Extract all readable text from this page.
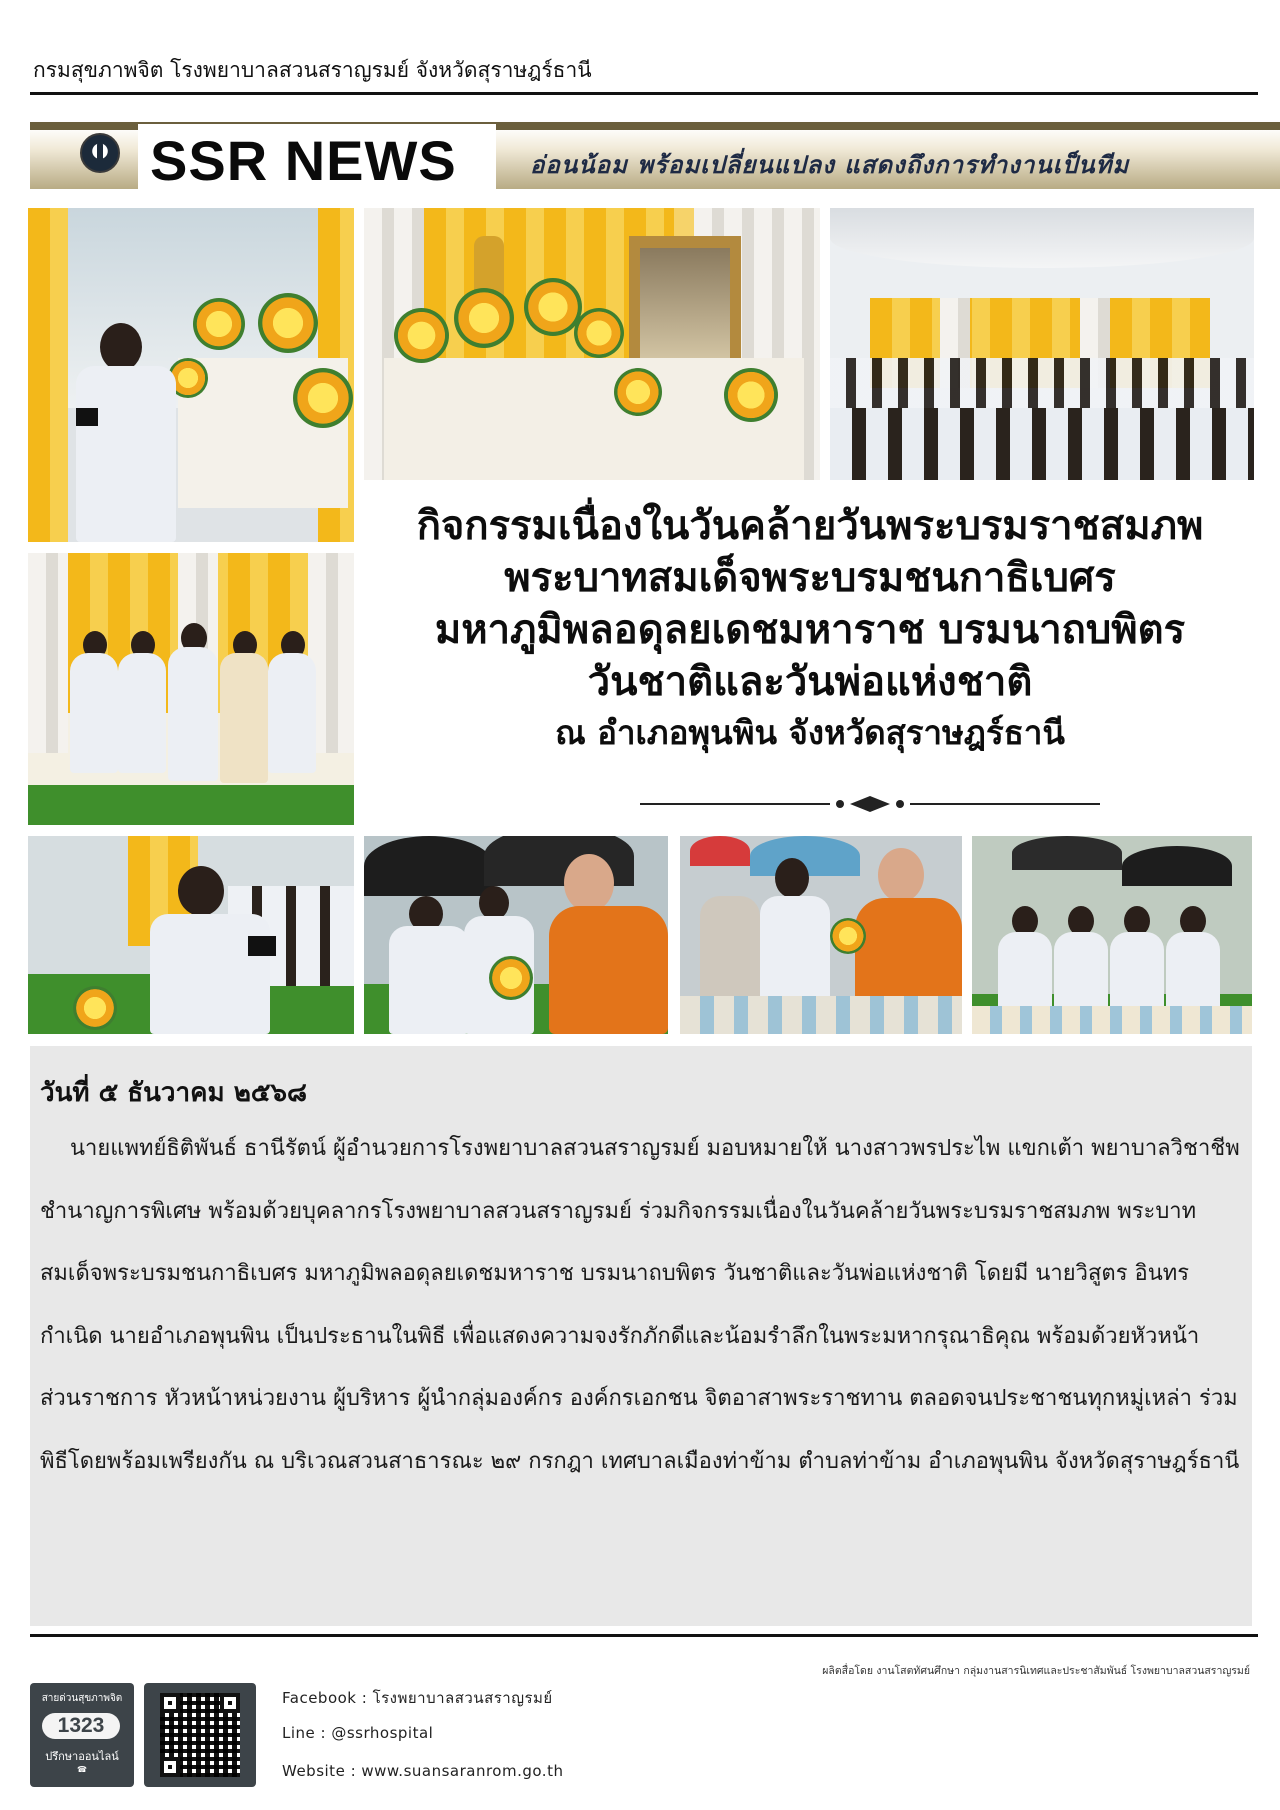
กรมสุขภาพจิต โรงพยาบาลสวนสราญรมย์ จังหวัดสุราษฎร์ธานี
SSR NEWS	อ่อนน้อม พร้อมเปลี่ยนแปลง แสดงถึงการทำงานเป็นทีม
กิจกรรมเนื่องในวันคล้ายวันพระบรมราชสมภพ
พระบาทสมเด็จพระบรมชนกาธิเบศร
มหาภูมิพลอดุลยเดชมหาราช บรมนาถบพิตร
วันชาติและวันพ่อแห่งชาติ
ณ อำเภอพุนพิน จังหวัดสุราษฎร์ธานี
วันที่ ๕ ธันวาคม ๒๕๖๘
นายแพทย์ธิติพันธ์ ธานีรัตน์ ผู้อำนวยการโรงพยาบาลสวนสราญรมย์ มอบหมายให้ นางสาวพรประไพ แขกเต้า พยาบาลวิชาชีพชำนาญการพิเศษ พร้อมด้วยบุคลากรโรงพยาบาลสวนสราญรมย์ ร่วมกิจกรรมเนื่องในวันคล้ายวันพระบรมราชสมภพ พระบาทสมเด็จพระบรมชนกาธิเบศร มหาภูมิพลอดุลยเดชมหาราช บรมนาถบพิตร วันชาติและวันพ่อแห่งชาติ โดยมี นายวิสูตร อินทรกำเนิด นายอำเภอพุนพิน เป็นประธานในพิธี เพื่อแสดงความจงรักภักดีและน้อมรำลึกในพระมหากรุณาธิคุณ พร้อมด้วยหัวหน้าส่วนราชการ หัวหน้าหน่วยงาน ผู้บริหาร ผู้นำกลุ่มองค์กร องค์กรเอกชน จิตอาสาพระราชทาน ตลอดจนประชาชนทุกหมู่เหล่า ร่วมพิธีโดยพร้อมเพรียงกัน ณ บริเวณสวนสาธารณะ ๒๙ กรกฎา เทศบาลเมืองท่าข้าม ตำบลท่าข้าม อำเภอพุนพิน จังหวัดสุราษฎร์ธานี
ผลิตสื่อโดย งานโสตทัศนศึกษา กลุ่มงานสารนิเทศและประชาสัมพันธ์ โรงพยาบาลสวนสราญรมย์
สายด่วนสุขภาพจิต
1323
ปรึกษาออนไลน์
☎
Facebook : โรงพยาบาลสวนสราญรมย์
Line : @ssrhospital
Website : www.suansaranrom.go.th
